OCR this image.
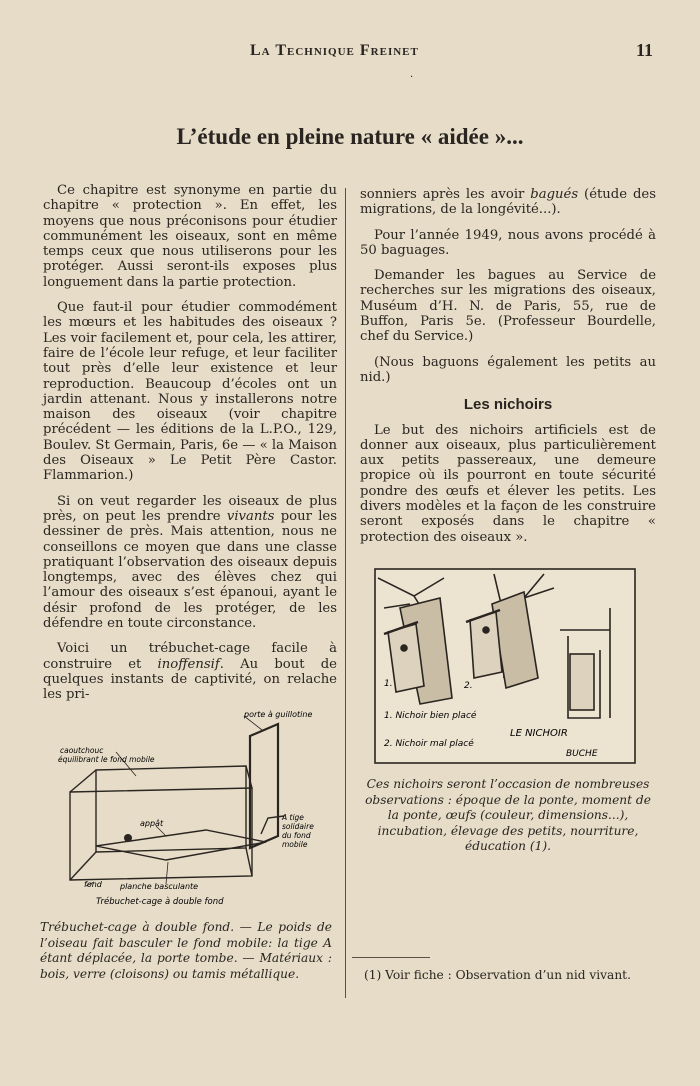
La Technique Freinet	11
·
L’étude en pleine nature « aidée »...

Ce chapitre est synonyme en partie du chapitre « protection ». En effet, les moyens que nous préconisons pour étudier communément les oiseaux, sont en même temps ceux que nous utiliserons pour les protéger. Aussi seront-ils exposes plus longuement dans la partie protection.

Que faut-il pour étudier commodément les mœurs et les habitudes des oiseaux ? Les voir facilement et, pour cela, les attirer, faire de l’école leur refuge, et leur faciliter tout près d’elle leur existence et leur reproduction. Beaucoup d’écoles ont un jardin attenant. Nous y installerons notre maison des oiseaux (voir chapitre précédent — les éditions de la L.P.O., 129, Boulev. St Germain, Paris, 6e — « la Maison des Oiseaux » Le Petit Père Castor. Flammarion.)

Si on veut regarder les oiseaux de plus près, on peut les prendre vivants pour les dessiner de près. Mais attention, nous ne conseillons ce moyen que dans une classe pratiquant l’observation des oiseaux depuis longtemps, avec des élèves chez qui l’amour des oiseaux s’est épanoui, ayant le désir profond de les protéger, de les défendre en toute circonstance.

Voici un trébuchet-cage facile à construire et inoffensif. Au bout de quelques instants de captivité, on relache les pri-

sonniers après les avoir bagués (étude des migrations, de la longévité...).

Pour l’année 1949, nous avons procédé à 50 baguages.

Demander les bagues au Service de recherches sur les migrations des oiseaux, Muséum d’H. N. de Paris, 55, rue de Buffon, Paris 5e. (Professeur Bourdelle, chef du Service.)

(Nous baguons également les petits au nid.)

Les nichoirs

Le but des nichoirs artificiels est de donner aux oiseaux, plus particulièrement aux petits passereaux, une demeure propice où ils pourront en toute sécurité pondre des œufs et élever les petits. Les divers modèles et la façon de les construire seront exposés dans le chapitre « protection des oiseaux ».

porte à guillotine
caoutchouc
équilibrant le fond mobile
appât
A tige
solidaire
du fond
mobile
fond planche basculante
Trébuchet-cage à double fond
Trébuchet-cage à double fond. — Le poids de l’oiseau fait basculer le fond mobile: la tige A étant déplacée, la porte tombe. — Matériaux : bois, verre (cloisons) ou tamis métallique.
1.	2.
1. Nichoir bien placé
2. Nichoir mal placé
LE NICHOIR
BUCHE
Ces nichoirs seront l’occasion de nombreuses observations : époque de la ponte, moment de la ponte, œufs (couleur, dimensions...), incubation, élevage des petits, nourriture, éducation (1).
(1) Voir fiche : Observation d’un nid vivant.
